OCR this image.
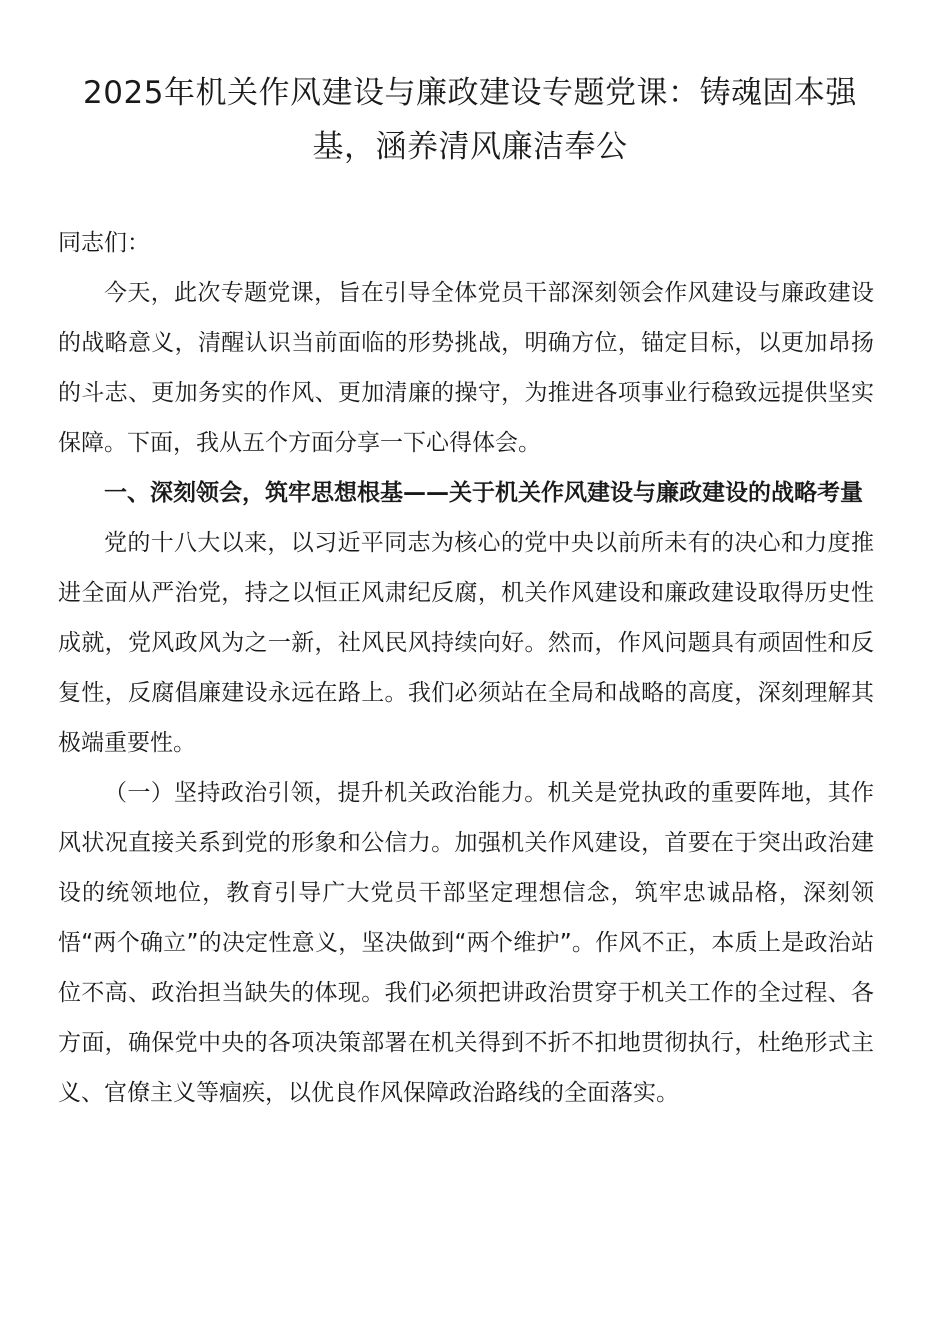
2025年机关作风建设与廉政建设专题党课：铸魂固本强基，涵养清风廉洁奉公

同志们：

今天，此次专题党课，旨在引导全体党员干部深刻领会作风建设与廉政建设的战略意义，清醒认识当前面临的形势挑战，明确方位，锚定目标，以更加昂扬的斗志、更加务实的作风、更加清廉的操守，为推进各项事业行稳致远提供坚实保障。下面，我从五个方面分享一下心得体会。

一、深刻领会，筑牢思想根基——关于机关作风建设与廉政建设的战略考量

党的十八大以来，以习近平同志为核心的党中央以前所未有的决心和力度推进全面从严治党，持之以恒正风肃纪反腐，机关作风建设和廉政建设取得历史性成就，党风政风为之一新，社风民风持续向好。然而，作风问题具有顽固性和反复性，反腐倡廉建设永远在路上。我们必须站在全局和战略的高度，深刻理解其极端重要性。

（一）坚持政治引领，提升机关政治能力。机关是党执政的重要阵地，其作风状况直接关系到党的形象和公信力。加强机关作风建设，首要在于突出政治建设的统领地位，教育引导广大党员干部坚定理想信念，筑牢忠诚品格，深刻领悟“两个确立”的决定性意义，坚决做到“两个维护”。作风不正，本质上是政治站位不高、政治担当缺失的体现。我们必须把讲政治贯穿于机关工作的全过程、各方面，确保党中央的各项决策部署在机关得到不折不扣地贯彻执行，杜绝形式主义、官僚主义等痼疾，以优良作风保障政治路线的全面落实。
